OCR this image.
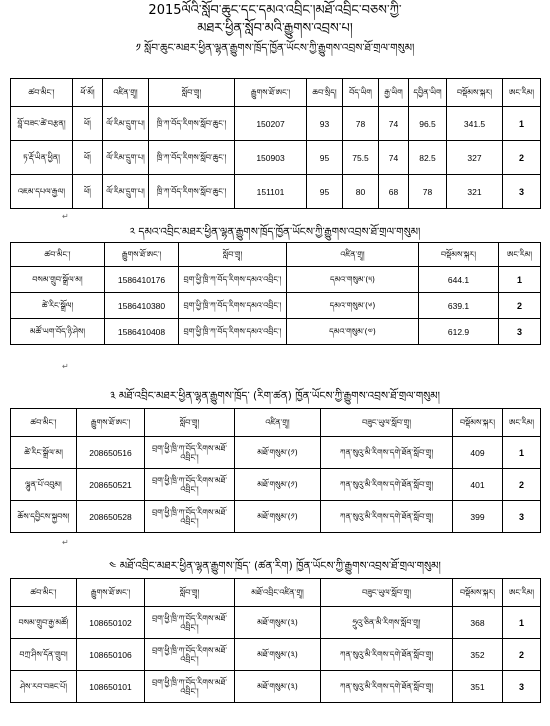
2015ལོའི་སློབ་ཆུང་དང་དམའ་འབྲིང་།མཐོ་འབྲིང་བཅས་ཀྱི་
མཐར་ཕྱིན་སློབ་མའི་རྒྱུགས་འབྲས་པ།
༡ སློབ་ཆུང་མཐར་ཕྱིན་ལྷན་རྒྱུགས་ཁྲོད་ཁྱོན་ཡོངས་ཀྱི་རྒྱུགས་འབྲས་ཐོ་གྲལ་གསུམ།
ཚབ་མིང་།	ཕོ་མོ།	འཛིན་གྲྭ།	སློབ་གྲྭ།	རྒྱུགས་ཐོ་ཨང་།	ཆབ་སྲིད།	བོད་ཡིག	རྒྱ་ཡིག	དབྱིན་ཡིག	བསྡོམས་སྐར།	ཨང་རིམ།
བློ་བཟང་ཚེ་བརྩན།	ཕོ།	ལོ་རིམ་དྲུག་པ།	ཁྲི་ཀ་བོད་རིགས་སློབ་ཆུང་།	150207	93	78	74	96.5	341.5	1
ཏ་རྡོ་ཡིན་ཕྱིན།	ཕོ།	ལོ་རིམ་དྲུག་པ།	ཁྲི་ཀ་བོད་རིགས་སློབ་ཆུང་།	150903	95	75.5	74	82.5	327	2
འཇམ་དཔལ་རྒྱལ།	ཕོ།	ལོ་རིམ་དྲུག་པ།	ཁྲི་ཀ་བོད་རིགས་སློབ་ཆུང་།	151101	95	80	68	78	321	3
↵
༢ དམའ་འབྲིང་མཐར་ཕྱིན་ལྷན་རྒྱུགས་ཁྲོད་ཁྱོན་ཡོངས་ཀྱི་རྒྱུགས་འབྲས་ཐོ་གྲལ་གསུམ།
ཚབ་མིང་།	རྒྱུགས་ཐོ་ཨང་།	སློབ་གྲྭ།	འཛིན་གྲྭ།	བསྡོམས་སྐར།	ཨང་རིམ།
བསམ་གྲུབ་སྒྲོལ་མ།	1586410176	བྲག་ཕྱི་ཁྲི་ཀ་བོད་རིགས་དམའ་འབྲིང་།	དམའ་གསུམ་(༥)	644.1	1
ཚེ་རིང་སྒྲོལ།	1586410380	བྲག་ཕྱི་ཁྲི་ཀ་བོད་རིགས་དམའ་འབྲིང་།	དམའ་གསུམ་(༦)	639.1	2
མཚོ་ཡག་བོད་ཉི་ཤེས།	1586410408	བྲག་ཕྱི་ཁྲི་ཀ་བོད་རིགས་དམའ་འབྲིང་།	དམའ་གསུམ་(༧)	612.9	3
↵
༣ མཐོ་འབྲིང་མཐར་ཕྱིན་ལྷན་རྒྱུགས་ཁྲོད་ (རིག་ཚན) ཁྱོན་ཡོངས་ཀྱི་རྒྱུགས་འབྲས་ཐོ་གྲལ་གསུམ།
ཚབ་མིང་།	རྒྱུགས་ཐོ་ཨང་།	སློབ་གྲྭ།	འཛིན་གྲྭ།	བཟུང་ཡུལ་སློབ་གྲྭ།	བསྡོམས་སྐར།	ཨང་རིམ།
ཚེ་རིང་སྒྲོལ་མ།	208650516	བྲག་ཕྱི་ཁྲི་ཀ་བོད་རིགས་མཐོ་འབྲིང་།	མཐོ་གསུམ་(༡)	ཀན་སུའུ་མི་རིགས་དགེ་ཐོན་སློབ་གྲྭ།	409	1
ལྷུན་པོ་འབུམ།	208650521	བྲག་ཕྱི་ཁྲི་ཀ་བོད་རིགས་མཐོ་འབྲིང་།	མཐོ་གསུམ་(༡)	ཀན་སུའུ་མི་རིགས་དགེ་ཐོན་སློབ་གྲྭ།	401	2
ཆོས་དབྱིངས་སྐྱབས།	208650528	བྲག་ཕྱི་ཁྲི་ཀ་བོད་རིགས་མཐོ་འབྲིང་།	མཐོ་གསུམ་(༡)	ཀན་སུའུ་མི་རིགས་དགེ་ཐོན་སློབ་གྲྭ།	399	3
↵
༤ མཐོ་འབྲིང་མཐར་ཕྱིན་ལྷན་རྒྱུགས་ཁྲོད་ (ཚན་རིག) ཁྱོན་ཡོངས་ཀྱི་རྒྱུགས་འབྲས་ཐོ་གྲལ་གསུམ།
ཚབ་མིང་།	རྒྱུགས་ཐོ་ཨང་།	སློབ་གྲྭ།	མཐོ་འབྲིང་འཛིན་གྲྭ།	བཟུང་ཡུལ་སློབ་གྲྭ།	བསྡོམས་སྐར།	ཨང་རིམ།
བསམ་གྲུབ་རྒྱ་མཚོ།	108650102	བྲག་ཕྱི་ཁྲི་ཀ་བོད་རིགས་མཐོ་འབྲིང་།	མཐོ་གསུམ་(༣)	ཧྲུའུ་ཅིན་མི་རིགས་སློབ་གྲྭ།	368	1
བཀྲ་ཤིས་དོན་གྲུབ།	108650106	བྲག་ཕྱི་ཁྲི་ཀ་བོད་རིགས་མཐོ་འབྲིང་།	མཐོ་གསུམ་(༣)	ཀན་སུའུ་མི་རིགས་དགེ་ཐོན་སློབ་གྲྭ།	352	2
ཤེས་རབ་བཟང་པོ།	108650101	བྲག་ཕྱི་ཁྲི་ཀ་བོད་རིགས་མཐོ་འབྲིང་།	མཐོ་གསུམ་(༣)	ཀན་སུའུ་མི་རིགས་དགེ་ཐོན་སློབ་གྲྭ།	351	3
